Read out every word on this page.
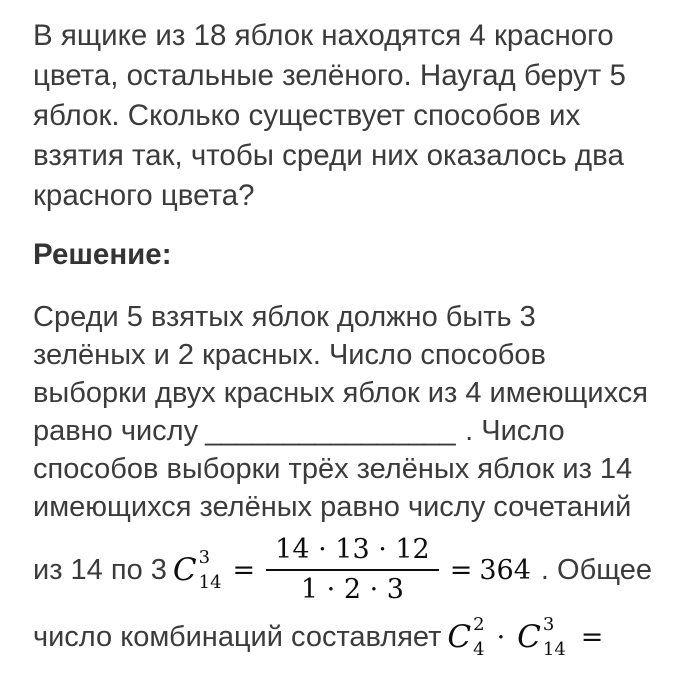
В ящике из 18 яблок находятся 4 красного
цвета, остальные зелёного. Наугад берут 5
яблок. Сколько существует способов их
взятия так, чтобы среди них оказалось два
красного цвета?
Решение:
Среди 5 взятых яблок должно быть 3
зелёных и 2 красных. Число способов
выборки двух красных яблок из 4 имеющихся
равно числу ________________ . Число
способов выборки трёх зелёных яблок из 14
имеющихся зелёных равно числу сочетаний
из 14 по 3 C 3
$14 = \frac{14 \cdot 13 \cdot 12}{1 \cdot 2 \cdot 3} = 364$ . Общее
число комбинаций составляет C 2
4 · C 3
14 =
